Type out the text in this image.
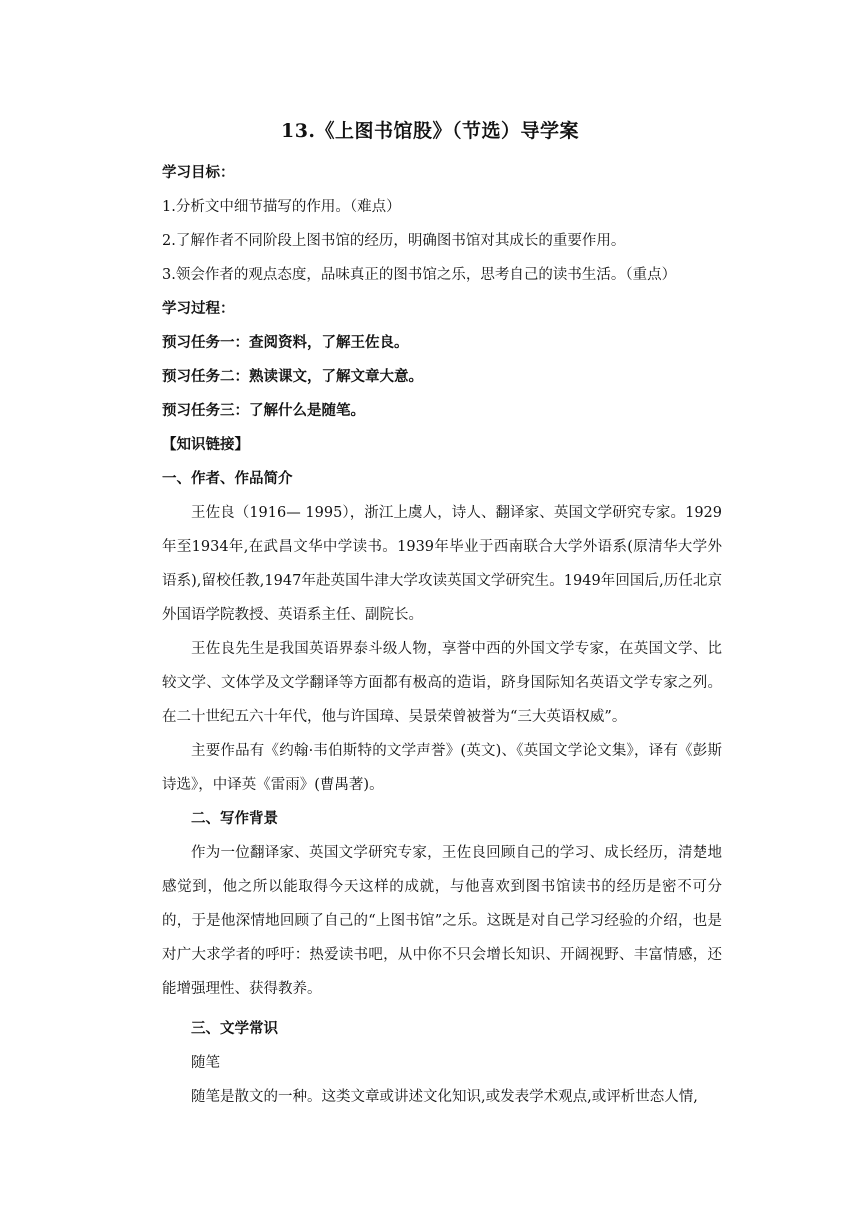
13.《上图书馆股》（节选）导学案
学习目标：
1.分析文中细节描写的作用。（难点）
2.了解作者不同阶段上图书馆的经历，明确图书馆对其成长的重要作用。
3.领会作者的观点态度，品味真正的图书馆之乐，思考自己的读书生活。（重点）
学习过程：
预习任务一：查阅资料，了解王佐良。
预习任务二：熟读课文，了解文章大意。
预习任务三：了解什么是随笔。
【知识链接】
一、作者、作品简介

王佐良（1916— 1995），浙江上虞人，诗人、翻译家、英国文学研究专家。1929年至1934年,在武昌文华中学读书。1939年毕业于西南联合大学外语系(原清华大学外语系),留校任教,1947年赴英国牛津大学攻读英国文学研究生。1949年回国后,历任北京外国语学院教授、英语系主任、副院长。

王佐良先生是我国英语界泰斗级人物，享誉中西的外国文学专家，在英国文学、比较文学、文体学及文学翻译等方面都有极高的造诣，跻身国际知名英语文学专家之列。在二十世纪五六十年代，他与许国璋、吴景荣曾被誉为“三大英语权威”。

主要作品有《约翰·韦伯斯特的文学声誉》(英文)、《英国文学论文集》，译有《彭斯诗选》，中译英《雷雨》(曹禺著)。

二、写作背景

作为一位翻译家、英国文学研究专家，王佐良回顾自己的学习、成长经历，清楚地感觉到，他之所以能取得今天这样的成就，与他喜欢到图书馆读书的经历是密不可分的，于是他深情地回顾了自己的“上图书馆”之乐。这既是对自己学习经验的介绍，也是对广大求学者的呼吁：热爱读书吧，从中你不只会增长知识、开阔视野、丰富情感，还能增强理性、获得教养。

三、文学常识
随笔

随笔是散文的一种。这类文章或讲述文化知识,或发表学术观点,或评析世态人情,
